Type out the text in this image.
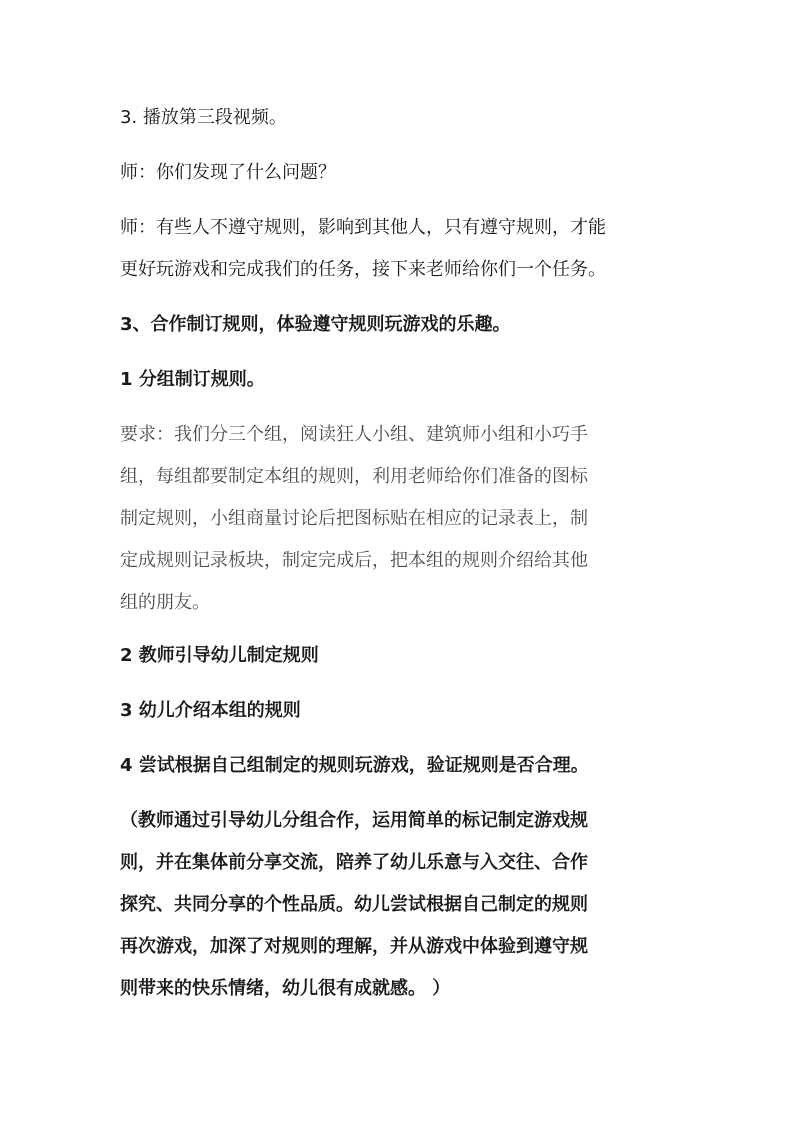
3. 播放第三段视频。

师：你们发现了什么问题？

师：有些人不遵守规则，影响到其他人，只有遵守规则，才能

更好玩游戏和完成我们的任务，接下来老师给你们一个任务。

3、合作制订规则，体验遵守规则玩游戏的乐趣。

1 分组制订规则。

要求：我们分三个组，阅读狂人小组、建筑师小组和小巧手

组，每组都要制定本组的规则，利用老师给你们准备的图标

制定规则，小组商量讨论后把图标贴在相应的记录表上，制

定成规则记录板块，制定完成后，把本组的规则介绍给其他

组的朋友。

2 教师引导幼儿制定规则

3 幼儿介绍本组的规则

4 尝试根据自己组制定的规则玩游戏，验证规则是否合理。

（教师通过引导幼儿分组合作，运用简单的标记制定游戏规

则，并在集体前分享交流，陪养了幼儿乐意与入交往、合作

探究、共同分享的个性品质。幼儿尝试根据自己制定的规则

再次游戏，加深了对规则的理解，并从游戏中体验到遵守规

则带来的快乐情绪，幼儿很有成就感。 ）
